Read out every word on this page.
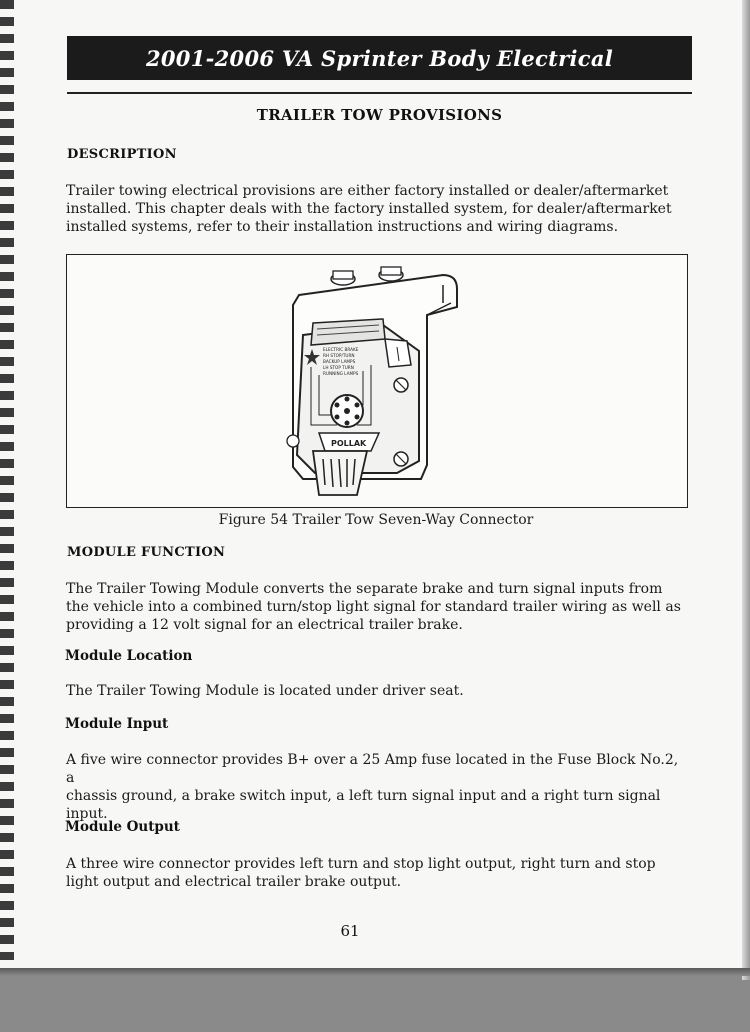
2001-2006 VA Sprinter Body Electrical
TRAILER TOW PROVISIONS
DESCRIPTION
Trailer towing electrical provisions are either factory installed or dealer/aftermarket
installed. This chapter deals with the factory installed system, for dealer/aftermarket
installed systems, refer to their installation instructions and wiring diagrams.
ELECTRIC BRAKE
RH STOP/TURN
BACKUP LAMPS
LH STOP TURN
RUNNING LAMPS
POLLAK
Figure 54 Trailer Tow Seven-Way Connector
MODULE FUNCTION
The Trailer Towing Module converts the separate brake and turn signal inputs from
the vehicle into a combined turn/stop light signal for standard trailer wiring as well as
providing a 12 volt signal for an electrical trailer brake.
Module Location
The Trailer Towing Module is located under driver seat.
Module Input
A five wire connector provides B+ over a 25 Amp fuse located in the Fuse Block No.2, a
chassis ground, a brake switch input, a left turn signal input and a right turn signal
input.
Module Output
A three wire connector provides left turn and stop light output, right turn and stop
light output and electrical trailer brake output.
61
